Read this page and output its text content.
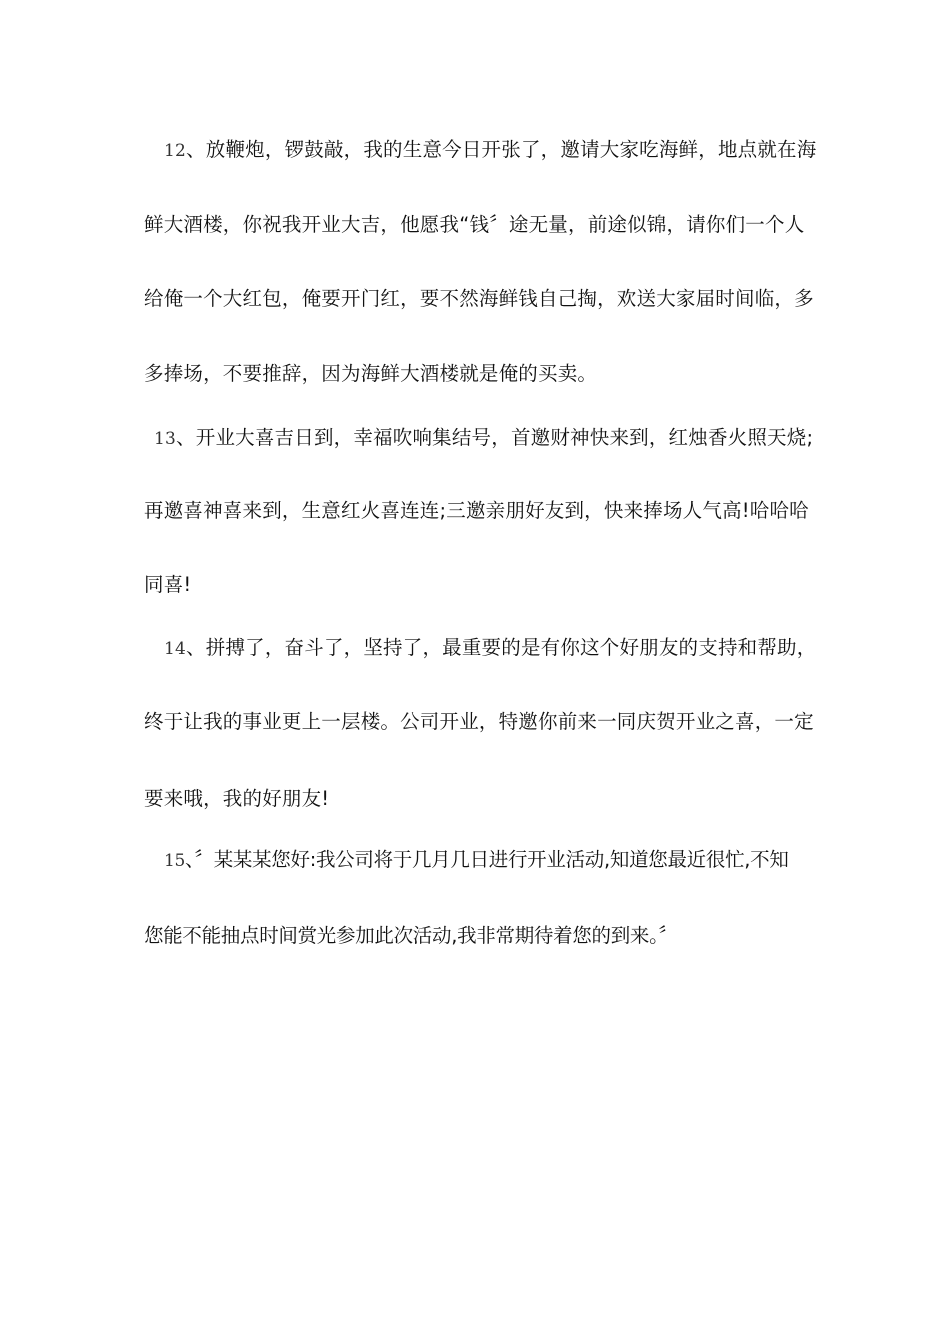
12、放鞭炮，锣鼓敲，我的生意今日开张了，邀请大家吃海鲜，地点就在海
鲜大酒楼，你祝我开业大吉，他愿我“钱〞途无量，前途似锦，请你们一个人
给俺一个大红包，俺要开门红，要不然海鲜钱自己掏，欢送大家届时间临，多
多捧场，不要推辞，因为海鲜大酒楼就是俺的买卖。
13、开业大喜吉日到，幸福吹响集结号，首邀财神快来到，红烛香火照天烧;
再邀喜神喜来到，生意红火喜连连;三邀亲朋好友到，快来捧场人气高!哈哈哈
同喜!
14、拼搏了，奋斗了，坚持了，最重要的是有你这个好朋友的支持和帮助，
终于让我的事业更上一层楼。公司开业，特邀你前来一同庆贺开业之喜，一定
要来哦，我的好朋友!
15、〞某某某您好:我公司将于几月几日进行开业活动,知道您最近很忙,不知
您能不能抽点时间赏光参加此次活动,我非常期待着您的到来。〞
